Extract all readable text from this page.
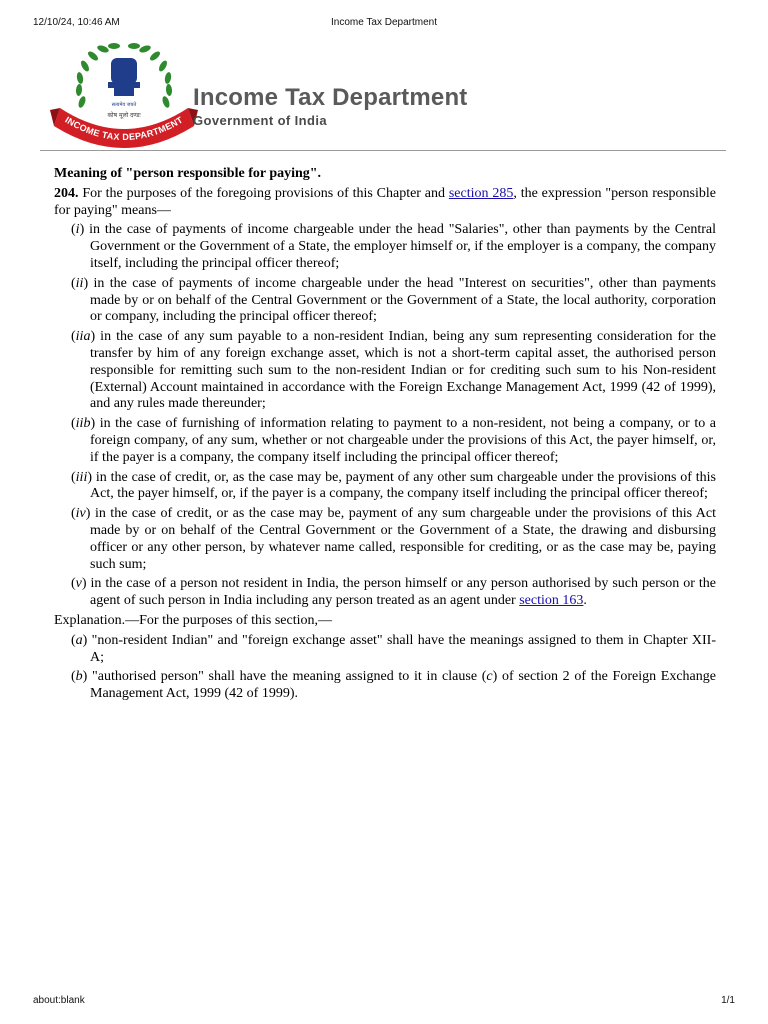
12/10/24, 10:46 AM	Income Tax Department
सत्यमेव जयते
कोष मूलो दण्डः
INCOME TAX DEPARTMENT
Income Tax Department
Government of India
Meaning of "person responsible for paying".
204. For the purposes of the foregoing provisions of this Chapter and section 285, the expression "person responsible for paying" means—
(i) in the case of payments of income chargeable under the head "Salaries", other than payments by the Central Government or the Government of a State, the employer himself or, if the employer is a company, the company itself, including the principal officer thereof;
(ii) in the case of payments of income chargeable under the head "Interest on securities", other than payments made by or on behalf of the Central Government or the Government of a State, the local authority, corporation or company, including the principal officer thereof;
(iia) in the case of any sum payable to a non-resident Indian, being any sum representing consideration for the transfer by him of any foreign exchange asset, which is not a short-term capital asset, the authorised person responsible for remitting such sum to the non-resident Indian or for crediting such sum to his Non-resident (External) Account maintained in accordance with the Foreign Exchange Management Act, 1999 (42 of 1999), and any rules made thereunder;
(iib) in the case of furnishing of information relating to payment to a non-resident, not being a company, or to a foreign company, of any sum, whether or not chargeable under the provisions of this Act, the payer himself, or, if the payer is a company, the company itself including the principal officer thereof;
(iii) in the case of credit, or, as the case may be, payment of any other sum chargeable under the provisions of this Act, the payer himself, or, if the payer is a company, the company itself including the principal officer thereof;
(iv) in the case of credit, or as the case may be, payment of any sum chargeable under the provisions of this Act made by or on behalf of the Central Government or the Government of a State, the drawing and disbursing officer or any other person, by whatever name called, responsible for crediting, or as the case may be, paying such sum;
(v) in the case of a person not resident in India, the person himself or any person authorised by such person or the agent of such person in India including any person treated as an agent under section 163.
Explanation.—For the purposes of this section,—
(a) "non-resident Indian" and "foreign exchange asset" shall have the meanings assigned to them in Chapter XII-A;
(b) "authorised person" shall have the meaning assigned to it in clause (c) of section 2 of the Foreign Exchange Management Act, 1999 (42 of 1999).
about:blank	1/1
